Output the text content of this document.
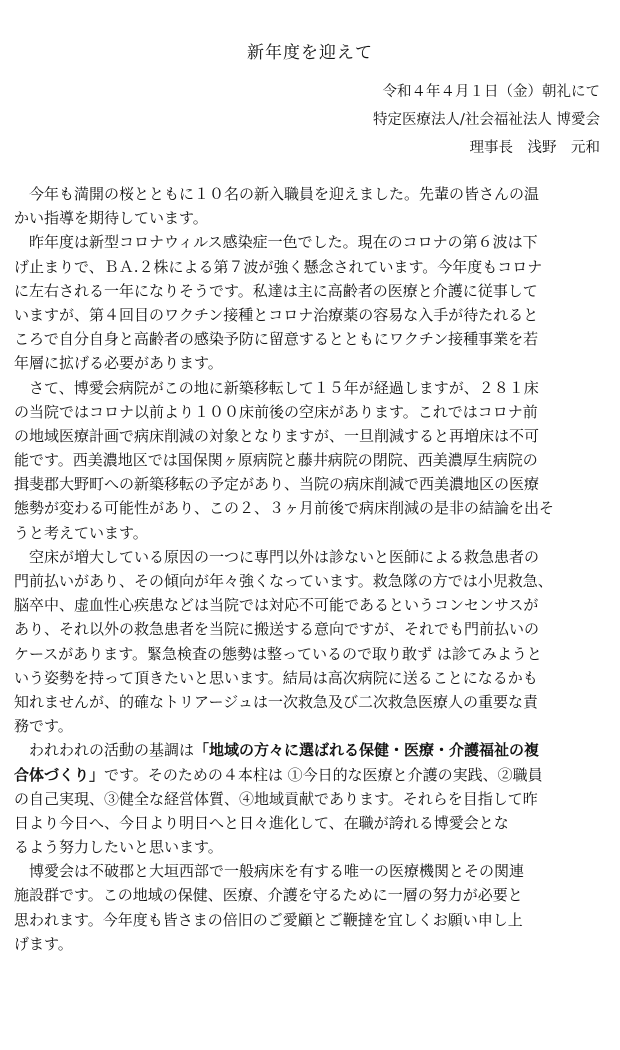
新年度を迎えて
令和４年４月１日（金）朝礼にて
特定医療法人/社会福祉法人 博愛会
理事長　浅野　元和
　今年も満開の桜とともに１０名の新入職員を迎えました。先輩の皆さんの温
かい指導を期待しています。
　昨年度は新型コロナウィルス感染症一色でした。現在のコロナの第６波は下
げ止まりで、ＢＡ.２株による第７波が強く懸念されています。今年度もコロナ
に左右される一年になりそうです。私達は主に高齢者の医療と介護に従事して
いますが、第４回目のワクチン接種とコロナ治療薬の容易な入手が待たれると
ころで自分自身と高齢者の感染予防に留意するとともにワクチン接種事業を若
年層に拡げる必要があります。
　さて、博愛会病院がこの地に新築移転して１５年が経過しますが、２８１床
の当院ではコロナ以前より１００床前後の空床があります。これではコロナ前
の地域医療計画で病床削減の対象となりますが、一旦削減すると再増床は不可
能です。西美濃地区では国保関ヶ原病院と藤井病院の閉院、西美濃厚生病院の
揖斐郡大野町への新築移転の予定があり、当院の病床削減で西美濃地区の医療
態勢が変わる可能性があり、この２、３ヶ月前後で病床削減の是非の結論を出そ
うと考えています。
　空床が増大している原因の一つに専門以外は診ないと医師による救急患者の
門前払いがあり、その傾向が年々強くなっています。救急隊の方では小児救急、
脳卒中、虚血性心疾患などは当院では対応不可能であるというコンセンサスが
あり、それ以外の救急患者を当院に搬送する意向ですが、それでも門前払いの
ケースがあります。緊急検査の態勢は整っているので取り敢ず は診てみようと
いう姿勢を持って頂きたいと思います。結局は高次病院に送ることになるかも
知れませんが、的確なトリアージュは一次救急及び二次救急医療人の重要な責
務です。
　われわれの活動の基調は「地域の方々に選ばれる保健・医療・介護福祉の複
合体づくり」です。そのための４本柱は ①今日的な医療と介護の実践、②職員
の自己実現、③健全な経営体質、④地域貢献であります。それらを目指して昨
日より今日へ、今日より明日へと日々進化して、在職が誇れる博愛会とな
るよう努力したいと思います。
　博愛会は不破郡と大垣西部で一般病床を有する唯一の医療機関とその関連
施設群です。この地域の保健、医療、介護を守るために一層の努力が必要と
思われます。今年度も皆さまの倍旧のご愛顧とご鞭撻を宜しくお願い申し上
げます。
